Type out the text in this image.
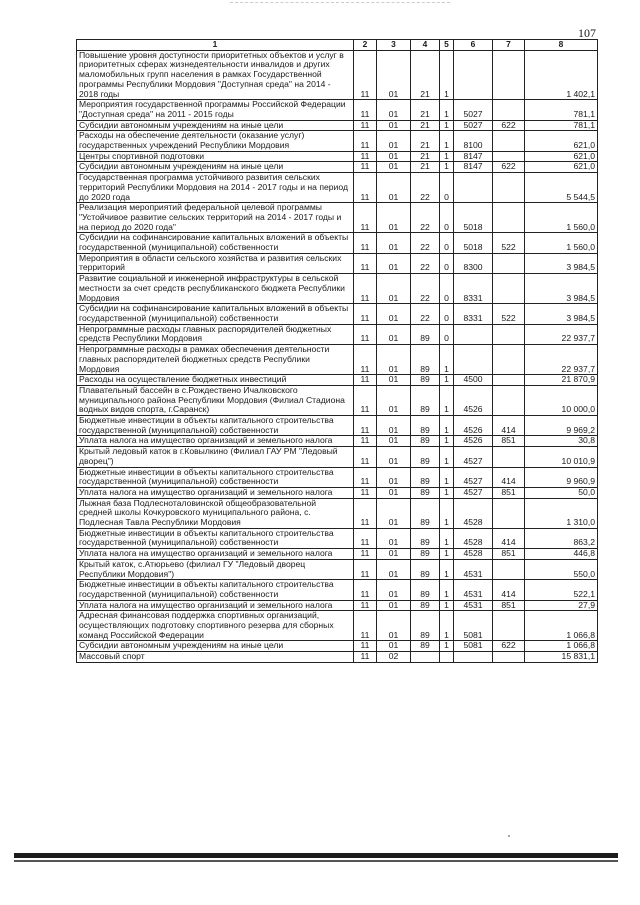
107
1	2	3	4	5	6	7	8
Повышение уровня доступности приоритетных объектов и услуг в приоритетных сферах жизнедеятельности инвалидов и других маломобильных групп населения в рамках Государственной программы Республики Мордовия "Доступная среда" на 2014 - 2018 годы	11	01	21	1			1 402,1
Мероприятия государственной программы Российской Федерации "Доступная среда" на 2011 - 2015 годы	11	01	21	1	5027		781,1
Субсидии автономным учреждениям на иные цели	11	01	21	1	5027	622	781,1
Расходы на обеспечение деятельности (оказание услуг) государственных учреждений Республики Мордовия	11	01	21	1	8100		621,0
Центры спортивной подготовки	11	01	21	1	8147		621,0
Субсидии автономным учреждениям на иные цели	11	01	21	1	8147	622	621,0
Государственная программа устойчивого развития сельских территорий Республики Мордовия на 2014 - 2017 годы и на период до 2020 года	11	01	22	0			5 544,5
Реализация мероприятий федеральной целевой программы "Устойчивое развитие сельских территорий на 2014 - 2017 годы и на период до 2020 года"	11	01	22	0	5018		1 560,0
Субсидии на софинансирование капитальных вложений в объекты государственной (муниципальной) собственности	11	01	22	0	5018	522	1 560,0
Мероприятия в области сельского хозяйства и развития сельских территорий	11	01	22	0	8300		3 984,5
Развитие социальной и инженерной инфраструктуры в сельской местности за счет средств республиканского бюджета Республики Мордовия	11	01	22	0	8331		3 984,5
Субсидии на софинансирование капитальных вложений в объекты государственной (муниципальной) собственности	11	01	22	0	8331	522	3 984,5
Непрограммные расходы главных распорядителей бюджетных средств Республики Мордовия	11	01	89	0			22 937,7
Непрограммные расходы в рамках обеспечения деятельности главных распорядителей бюджетных средств Республики Мордовия	11	01	89	1			22 937,7
Расходы на осуществление бюджетных инвестиций	11	01	89	1	4500		21 870,9
Плавательный бассейн в с.Рождествено Ичалковского муниципального района Республики Мордовия (Филиал Стадиона водных видов спорта, г.Саранск)	11	01	89	1	4526		10 000,0
Бюджетные инвестиции в объекты капитального строительства государственной (муниципальной) собственности	11	01	89	1	4526	414	9 969,2
Уплата налога на имущество организаций и земельного налога	11	01	89	1	4526	851	30,8
Крытый ледовый каток в г.Ковылкино (Филиал ГАУ РМ "Ледовый дворец")	11	01	89	1	4527		10 010,9
Бюджетные инвестиции в объекты капитального строительства государственной (муниципальной) собственности	11	01	89	1	4527	414	9 960,9
Уплата налога на имущество организаций и земельного налога	11	01	89	1	4527	851	50,0
Лыжная база Подлесноталовинской общеобразовательной средней школы Кочкуровского муниципального района, с. Подлесная Тавла Республики Мордовия	11	01	89	1	4528		1 310,0
Бюджетные инвестиции в объекты капитального строительства государственной (муниципальной) собственности	11	01	89	1	4528	414	863,2
Уплата налога на имущество организаций и земельного налога	11	01	89	1	4528	851	446,8
Крытый каток, с.Атюрьево (филиал ГУ "Ледовый дворец Республики Мордовия")	11	01	89	1	4531		550,0
Бюджетные инвестиции в объекты капитального строительства государственной (муниципальной) собственности	11	01	89	1	4531	414	522,1
Уплата налога на имущество организаций и земельного налога	11	01	89	1	4531	851	27,9
Адресная финансовая поддержка спортивных организаций, осуществляющих подготовку спортивного резерва для сборных команд Российской Федерации	11	01	89	1	5081		1 066,8
Субсидии автономным учреждениям на иные цели	11	01	89	1	5081	622	1 066,8
Массовый спорт	11	02					15 831,1
